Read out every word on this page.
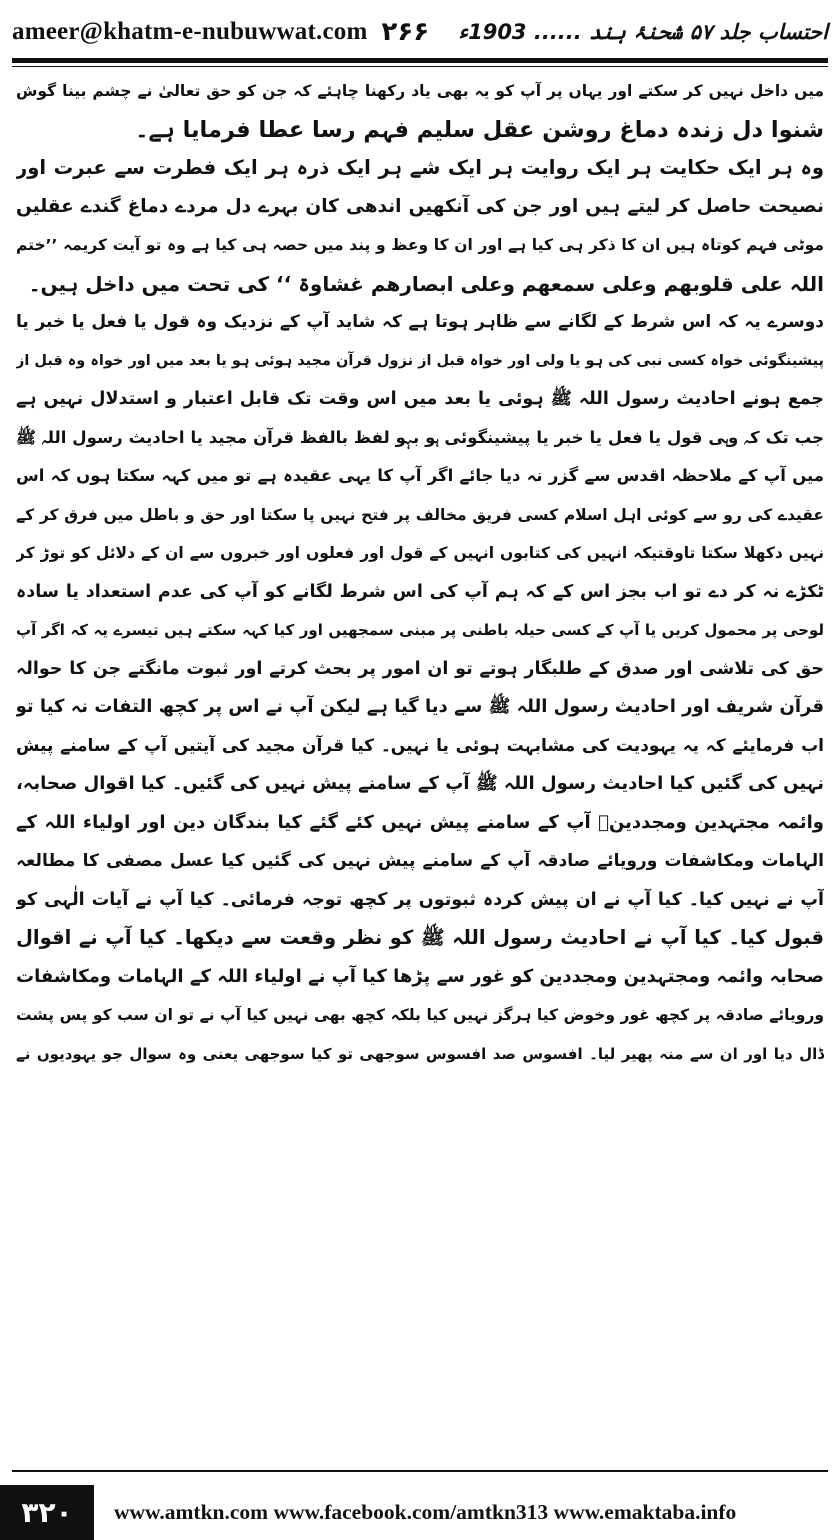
ameer@khatm-e-nubuwwat.com ۲۶۶ احتساب جلد ۵۷ شحنۂ ہند ...... 1903ء
میں داخل نہیں کر سکتے اور یہاں پر آپ کو یہ بھی یاد رکھنا چاہئے کہ جن کو حق تعالیٰ نے چشم بینا گوش
شنوا دل زندہ دماغ روشن عقل سلیم فہم رسا عطا فرمایا ہے۔
وہ ہر ایک حکایت ہر ایک روایت ہر ایک شے ہر ایک ذرہ ہر ایک فطرت سے عبرت اور
نصیحت حاصل کر لیتے ہیں اور جن کی آنکھیں اندھی کان بہرے دل مردے دماغ گندے عقلیں
موٹی فہم کوتاہ ہیں ان کا ذکر ہی کیا ہے اور ان کا وعظ و پند میں حصہ ہی کیا ہے وہ تو آیت کریمہ ’’ختم
اللہ علی قلوبھم وعلی سمعھم وعلی ابصارھم غشاوۃ ‘‘ کی تحت میں داخل ہیں۔
دوسرے یہ کہ اس شرط کے لگانے سے ظاہر ہوتا ہے کہ شاید آپ کے نزدیک وہ قول یا فعل یا خبر یا
پیشینگوئی خواہ کسی نبی کی ہو یا ولی اور خواہ قبل از نزول قرآن مجید ہوئی ہو یا بعد میں اور خواہ وہ قبل از
جمع ہونے احادیث رسول اللہ ﷺ ہوئی یا بعد میں اس وقت تک قابل اعتبار و استدلال نہیں ہے
جب تک کہ وہی قول یا فعل یا خبر یا پیشینگوئی ہو بہو لفظ بالفظ قرآن مجید یا احادیث رسول اللہ ﷺ
میں آپ کے ملاحظہ اقدس سے گزر نہ دیا جائے اگر آپ کا یہی عقیدہ ہے تو میں کہہ سکتا ہوں کہ اس
عقیدے کی رو سے کوئی اہل اسلام کسی فریق مخالف پر فتح نہیں پا سکتا اور حق و باطل میں فرق کر کے
نہیں دکھلا سکتا تاوقتیکہ انہیں کی کتابوں انہیں کے قول اور فعلوں اور خبروں سے ان کے دلائل کو توڑ کر
ٹکڑے نہ کر دے تو اب بجز اس کے کہ ہم آپ کی اس شرط لگانے کو آپ کی عدم استعداد یا سادہ
لوحی پر محمول کریں یا آپ کے کسی حیلہ باطنی پر مبنی سمجھیں اور کیا کہہ سکتے ہیں تیسرے یہ کہ اگر آپ
حق کی تلاشی اور صدق کے طلبگار ہوتے تو ان امور پر بحث کرتے اور ثبوت مانگتے جن کا حوالہ
قرآن شریف اور احادیث رسول اللہ ﷺ سے دیا گیا ہے لیکن آپ نے اس پر کچھ التفات نہ کیا تو
اب فرمایئے کہ یہ یہودیت کی مشابہت ہوئی یا نہیں۔ کیا قرآن مجید کی آیتیں آپ کے سامنے پیش
نہیں کی گئیں کیا احادیث رسول اللہ ﷺ آپ کے سامنے پیش نہیں کی گئیں۔ کیا اقوال صحابہ،
وائمہ مجتہدین ومجددینؒ آپ کے سامنے پیش نہیں کئے گئے کیا بندگان دین اور اولیاء اللہ کے
الہامات ومکاشفات ورویائے صادقہ آپ کے سامنے پیش نہیں کی گئیں کیا عسل مصفی کا مطالعہ
آپ نے نہیں کیا۔ کیا آپ نے ان پیش کردہ ثبوتوں پر کچھ توجہ فرمائی۔ کیا آپ نے آیات الٰہی کو
قبول کیا۔ کیا آپ نے احادیث رسول اللہ ﷺ کو نظر وقعت سے دیکھا۔ کیا آپ نے اقوال
صحابہ وائمہ ومجتہدین ومجددین کو غور سے پڑھا کیا آپ نے اولیاء اللہ کے الہامات ومکاشفات
ورویائے صادقہ پر کچھ غور وخوض کیا ہرگز نہیں کیا بلکہ کچھ بھی نہیں کیا آپ نے تو ان سب کو پس پشت
ڈال دیا اور ان سے منہ پھیر لیا۔ افسوس صد افسوس سوجھی تو کیا سوجھی یعنی وہ سوال جو یہودیوں نے
۳۲۰	www.amtkn.com www.facebook.com/amtkn313 www.emaktaba.info
